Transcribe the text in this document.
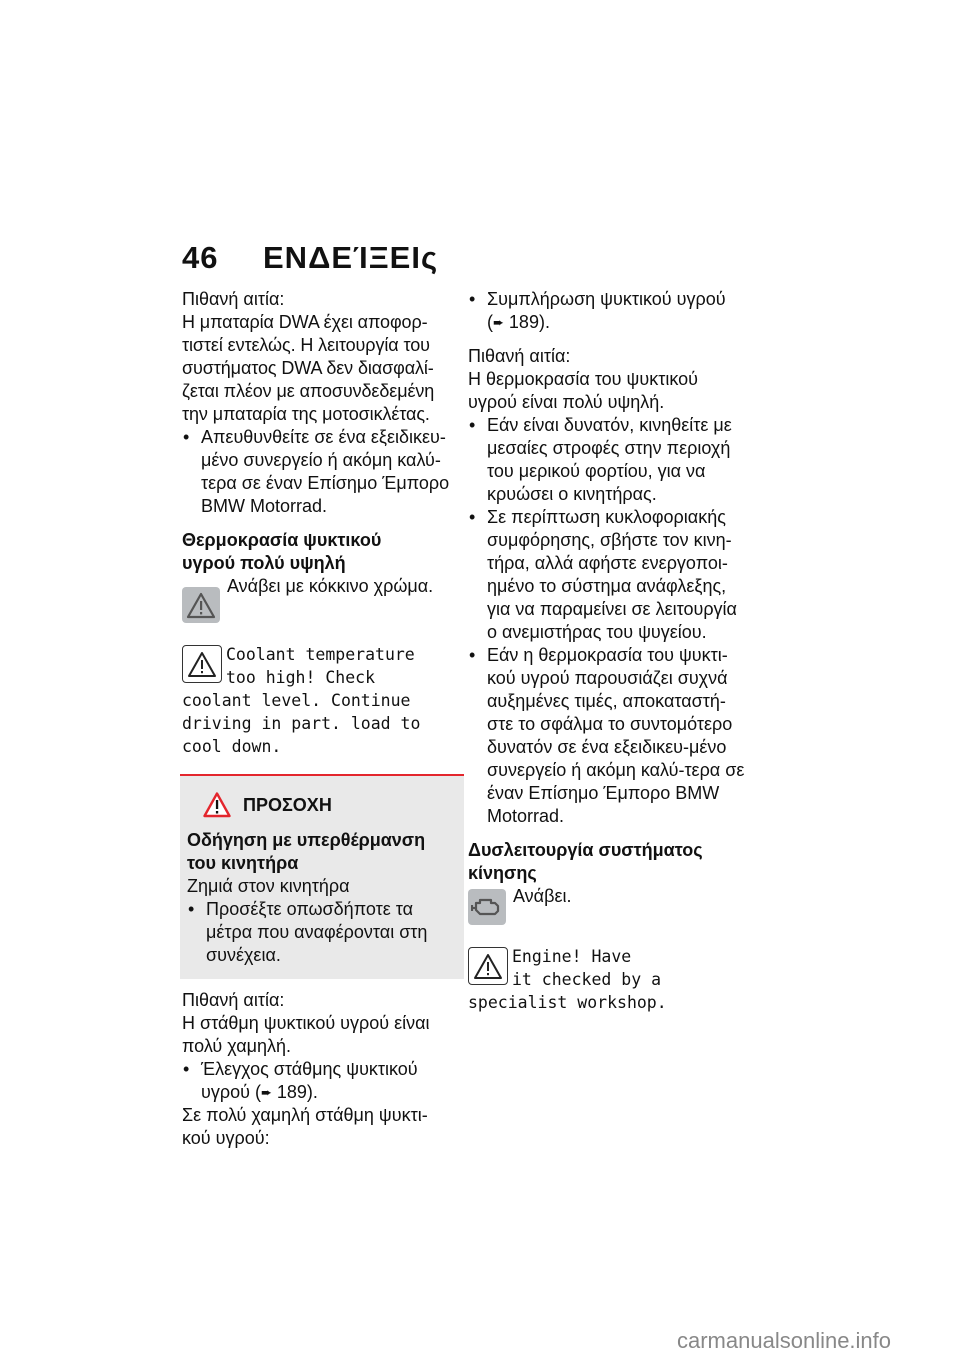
46 ΕΝΔΕΊΞΕΙς

Πιθανή αιτία:

Η μπαταρία DWA έχει αποφορ-τιστεί εντελώς. Η λειτουργία του συστήματος DWA δεν διασφαλί-ζεται πλέον με αποσυνδεδεμένη την μπαταρία της μοτοσικλέτας.

• Απευθυνθείτε σε ένα εξειδικευ-μένο συνεργείο ή ακόμη καλύ-τερα σε έναν Επίσημο Έμπορο BMW Motorrad.

Θερμοκρασία ψυκτικού υγρού πολύ υψηλή

Ανάβει με κόκκινο χρώμα.
Coolant temperature
too high! Check
coolant level. Continue
driving in part. load to
cool down.
ΠΡΟΣΟΧΗ

Οδήγηση με υπερθέρμανση του κινητήρα

Ζημιά στον κινητήρα

• Προσέξτε οπωσδήποτε τα μέτρα που αναφέρονται στη συνέχεια.

Πιθανή αιτία:

Η στάθμη ψυκτικού υγρού είναι πολύ χαμηλή.

• Έλεγχος στάθμης ψυκτικού υγρού (➨ 189).

Σε πολύ χαμηλή στάθμη ψυκτι-κού υγρού:

• Συμπλήρωση ψυκτικού υγρού (➨ 189).

Πιθανή αιτία:

Η θερμοκρασία του ψυκτικού υγρού είναι πολύ υψηλή.

• Εάν είναι δυνατόν, κινηθείτε με μεσαίες στροφές στην περιοχή του μερικού φορτίου, για να κρυώσει ο κινητήρας.
• Σε περίπτωση κυκλοφοριακής συμφόρησης, σβήστε τον κινη-τήρα, αλλά αφήστε ενεργοποι-ημένο το σύστημα ανάφλεξης, για να παραμείνει σε λειτουργία ο ανεμιστήρας του ψυγείου.
• Εάν η θερμοκρασία του ψυκτι-κού υγρού παρουσιάζει συχνά αυξημένες τιμές, αποκαταστή-στε το σφάλμα το συντομότερο δυνατόν σε ένα εξειδικευ-μένο συνεργείο ή ακόμη καλύ-τερα σε έναν Επίσημο Έμπορο BMW Motorrad.

Δυσλειτουργία συστήματος κίνησης

Ανάβει.
Engine! Have
it checked by a
specialist workshop.
carmanualsonline.info
